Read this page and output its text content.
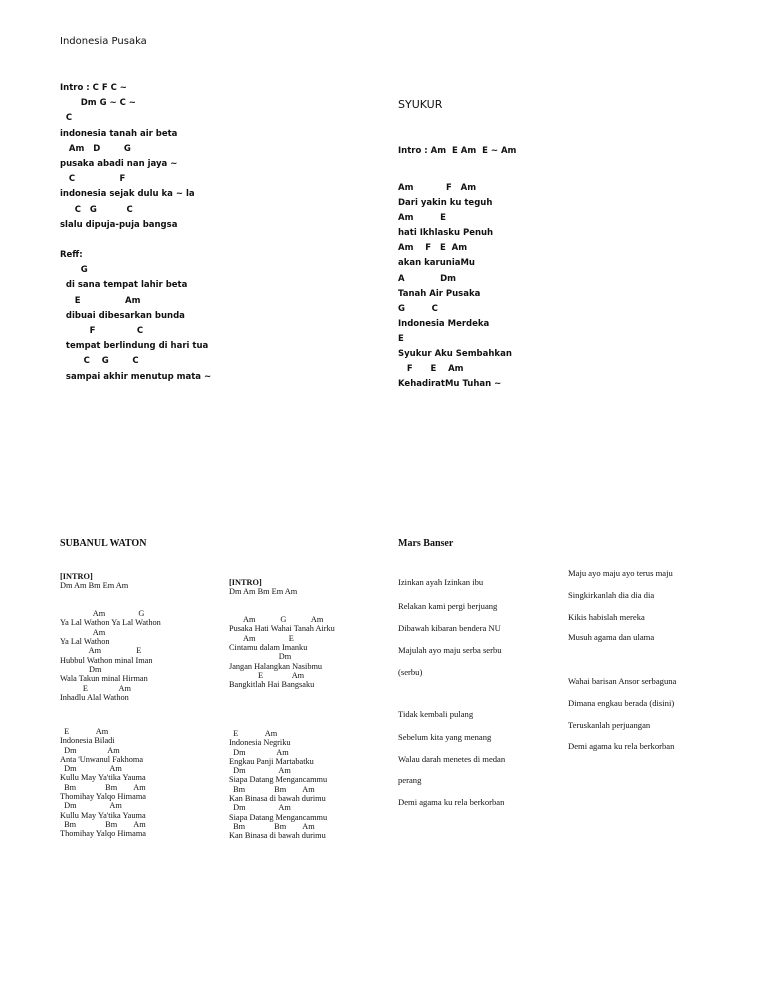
Indonesia Pusaka
Intro : C F C ~
Dm G ~ C ~
C
indonesia tanah air beta
Am   D        G
pusaka abadi nan jaya ~
C               F
indonesia sejak dulu ka ~ la
C   G          C
slalu dipuja-puja bangsa

Reff:
G
di sana tempat lahir beta
E               Am
dibuai dibesarkan bunda
F              C
tempat berlindung di hari tua
C    G        C
sampai akhir menutup mata ~
SYUKUR
Intro : Am  E Am  E ~ Am
Am           F   Am
Dari yakin ku teguh
Am         E
hati Ikhlasku Penuh
Am    F   E  Am
akan karuniaMu
A            Dm
Tanah Air Pusaka
G         C
Indonesia Merdeka
E
Syukur Aku Sembahkan
F      E    Am
KehadiratMu Tuhan ~
SUBANUL WATON
[INTRO]
Dm Am Bm Em Am

Am                G
Ya Lal Wathon Ya Lal Wathon
Am
Ya Lal Wathon
Am                 E
Hubbul Wathon minal Iman
Dm
Wala Takun minal Hirman
E               Am
Inhadlu Alal Wathon
E             Am
Indonesia Biladi
Dm               Am
Anta 'Unwanul Fakhoma
Dm                Am
Kullu May Ya'tika Yauma
Bm              Bm        Am
Thomihay Yalqo Himama
Dm                Am
Kullu May Ya'tika Yauma
Bm              Bm        Am
Thomihay Yalqo Himama
[INTRO]
Dm Am Bm Em Am

Am            G            Am
Pusaka Hati Wahai Tanah Airku
Am                E
Cintamu dalam Imanku
Dm
Jangan Halangkan Nasibmu
E              Am
Bangkitlah Hai Bangsaku
E             Am
Indonesia Negriku
Dm               Am
Engkau Panji Martabatku
Dm                Am
Siapa Datang Mengancammu
Bm              Bm        Am
Kan Binasa di bawah durimu
Dm                Am
Siapa Datang Mengancammu
Bm              Bm        Am
Kan Binasa di bawah durimu
Mars Banser
Izinkan ayah Izinkan ibu
Relakan kami pergi berjuang
Dibawah kibaran bendera NU
Majulah ayo maju serba serbu
(serbu)
Tidak kembali pulang
Sebelum kita yang menang
Walau darah menetes di medan
perang
Demi agama ku rela berkorban
Maju ayo maju ayo terus maju
Singkirkanlah dia dia dia
Kikis habislah mereka
Musuh agama dan ulama
Wahai barisan Ansor serbaguna
Dimana engkau berada (disini)
Teruskanlah perjuangan
Demi agama ku rela berkorban
